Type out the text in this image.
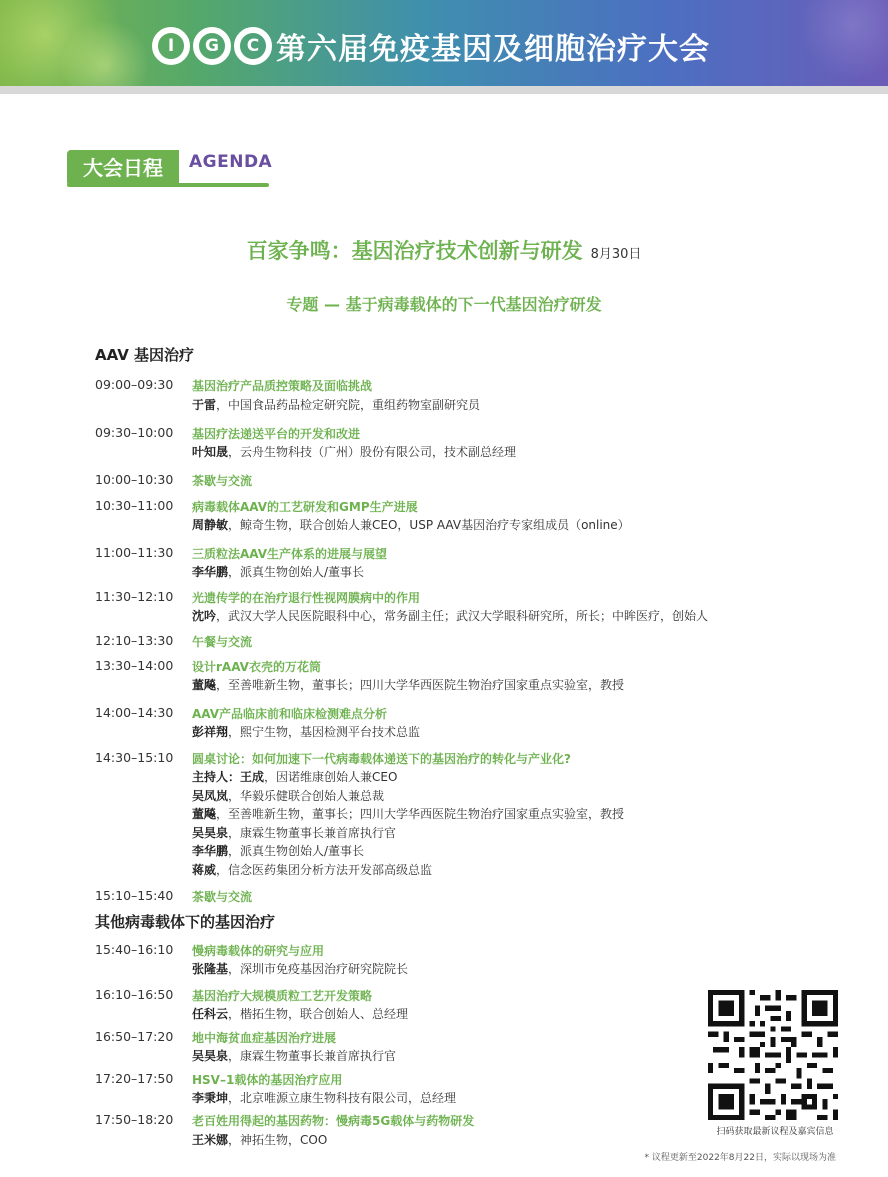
I	G	C 第六届免疫基因及细胞治疗大会
大会日程	AGENDA
百家争鸣：基因治疗技术创新与研发 8月30日
专题 — 基于病毒载体的下一代基因治疗研发
AAV 基因治疗
09:00–09:30 基因治疗产品质控策略及面临挑战
于雷，中国食品药品检定研究院，重组药物室副研究员
09:30–10:00 基因疗法递送平台的开发和改进
叶知晟，云舟生物科技（广州）股份有限公司，技术副总经理
10:00–10:30 茶歇与交流
10:30–11:00 病毒载体AAV的工艺研发和GMP生产进展
周静敏，鲸奇生物，联合创始人兼CEO，USP AAV基因治疗专家组成员（online）
11:00–11:30 三质粒法AAV生产体系的进展与展望
李华鹏，派真生物创始人/董事长
11:30–12:10 光遗传学的在治疗退行性视网膜病中的作用
沈吟，武汉大学人民医院眼科中心，常务副主任；武汉大学眼科研究所，所长；中眸医疗，创始人
12:10–13:30 午餐与交流
13:30–14:00 设计rAAV衣壳的万花筒
董飚，至善唯新生物，董事长；四川大学华西医院生物治疗国家重点实验室，教授
14:00–14:30 AAV产品临床前和临床检测难点分析
彭祥翔，熙宁生物，基因检测平台技术总监
14:30–15:10 圆桌讨论：如何加速下一代病毒载体递送下的基因治疗的转化与产业化?
主持人：王成，因诺维康创始人兼CEO
吴凤岚，华毅乐健联合创始人兼总裁
董飚，至善唯新生物，董事长；四川大学华西医院生物治疗国家重点实验室，教授
吴昊泉，康霖生物董事长兼首席执行官
李华鹏，派真生物创始人/董事长
蒋威，信念医药集团分析方法开发部高级总监
15:10–15:40 茶歇与交流
其他病毒载体下的基因治疗
15:40–16:10 慢病毒载体的研究与应用
张隆基，深圳市免疫基因治疗研究院院长
16:10–16:50 基因治疗大规模质粒工艺开发策略
任科云，楷拓生物，联合创始人、总经理
16:50–17:20 地中海贫血症基因治疗进展
吴昊泉，康霖生物董事长兼首席执行官
17:20–17:50 HSV–1载体的基因治疗应用
李秉坤，北京唯源立康生物科技有限公司，总经理
17:50–18:20 老百姓用得起的基因药物：慢病毒5G载体与药物研发
王米娜，神拓生物，COO
扫码获取最新议程及嘉宾信息
* 议程更新至2022年8月22日，实际以现场为准
